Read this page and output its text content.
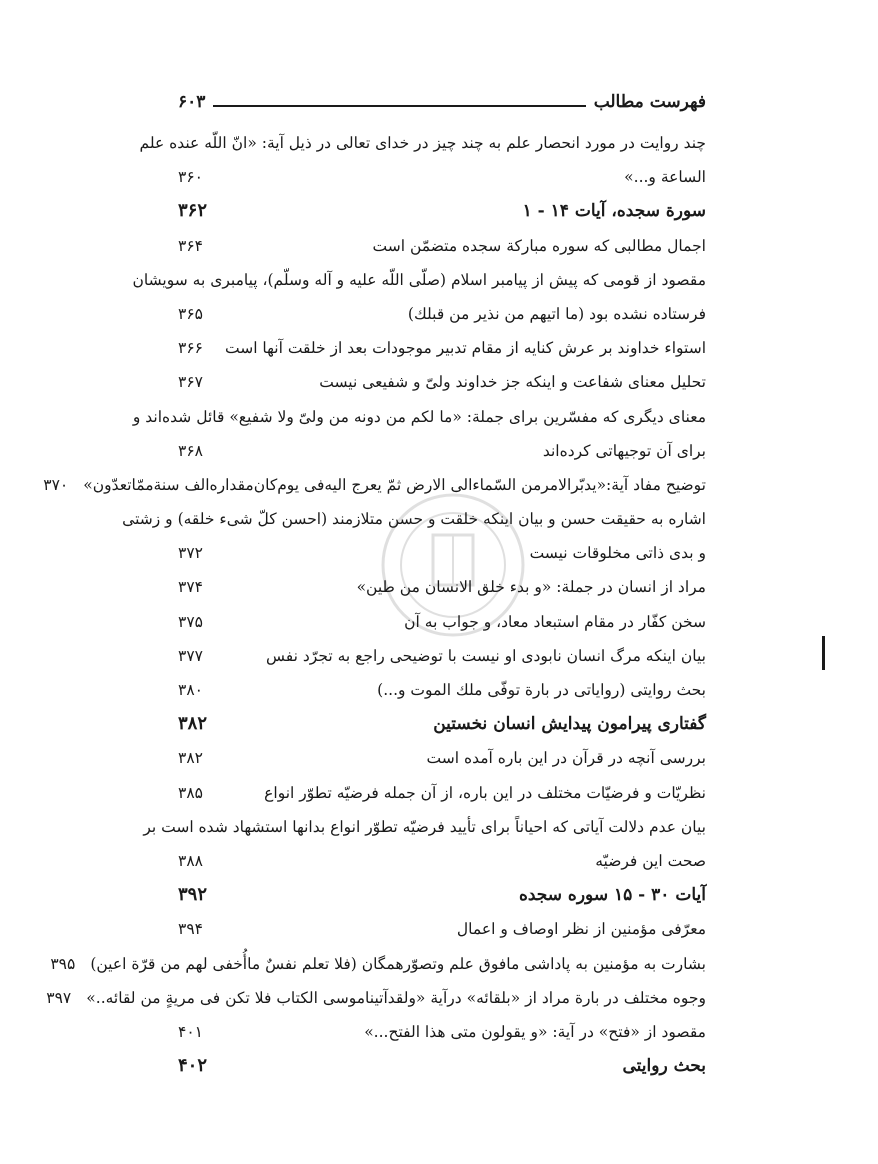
فهرست مطالب
۶۰۳
چند روایت در مورد انحصار علم به چند چیز در خدای تعالی در ذیل آیة: «انّ اللّه عنده علم
الساعة و...»
۳۶۰
سورة سجده، آیات ۱۴ - ۱
۳۶۲
اجمال مطالبی که سوره مبارکة سجده متضمّن است
۳۶۴
مقصود از قومی که پیش از پیامبر اسلام (صلّی اللّه علیه و آله وسلّم)، پیامبری به سویشان
فرستاده نشده بود (ما اتیهم من نذیر من قبلك)
۳۶۵
استواء خداوند بر عرش کنایه از مقام تدبیر موجودات بعد از خلقت آنها است
۳۶۶
تحلیل معنای شفاعت و اینکه جز خداوند ولیّ و شفیعی نیست
۳۶۷
معنای دیگری که مفسّرین برای جملة: «ما لکم من دونه من ولیّ ولا شفیع» قائل شده‌اند و
برای آن توجیهاتی کرده‌اند
۳۶۸
توضیح مفاد آیة:«یدبّرالامرمن السّماءالی الارض ثمّ یعرج الیه‌فی یوم‌کان‌مقداره‌الف سنة‌ممّاتعدّون»
۳۷۰
اشاره به حقیقت حسن و بیان اینکه خلقت و حسن متلازمند (احسن کلّ شیء خلقه) و زشتی
و بدی ذاتی مخلوقات نیست
۳۷۲
مراد از انسان در جملة: «و بدء خلق الانسان من طین»
۳۷۴
سخن کفّار در مقام استبعاد معاد، و جواب به آن
۳۷۵
بیان اینکه مرگ انسان نابودی او نیست با توضیحی راجع به تجرّد نفس
۳۷۷
بحث روایتی (روایاتی در بارة توفّی ملك الموت و...)
۳۸۰
گفتاری پیرامون پیدایش انسان نخستین
۳۸۲
بررسی آنچه در قرآن در این باره آمده است
۳۸۲
نظریّات و فرضیّات مختلف در این باره، از آن جمله فرضیّه تطوّر انواع
۳۸۵
بیان عدم دلالت آیاتی که احیاناً برای تأیید فرضیّه تطوّر انواع بدانها استشهاد شده است بر
صحت این فرضیّه
۳۸۸
آیات ۳۰ - ۱۵ سوره سجده
۳۹۲
معرّفی مؤمنین از نظر اوصاف و اعمال
۳۹۴
بشارت به مؤمنین به پاداشی مافوق علم وتصوّرهمگان (فلا تعلم نفسٌ ماأُخفی لهم من قرّة اعین)
۳۹۵
وجوه مختلف در بارة مراد از «بلقائه» درآیة «ولقدآتیناموسی الکتاب فلا تکن فی مریةٍ من لقائه..»
۳۹۷
مقصود از «فتح» در آیة: «و یقولون متی هذا الفتح...»
۴۰۱
بحث روایتی
۴۰۲
